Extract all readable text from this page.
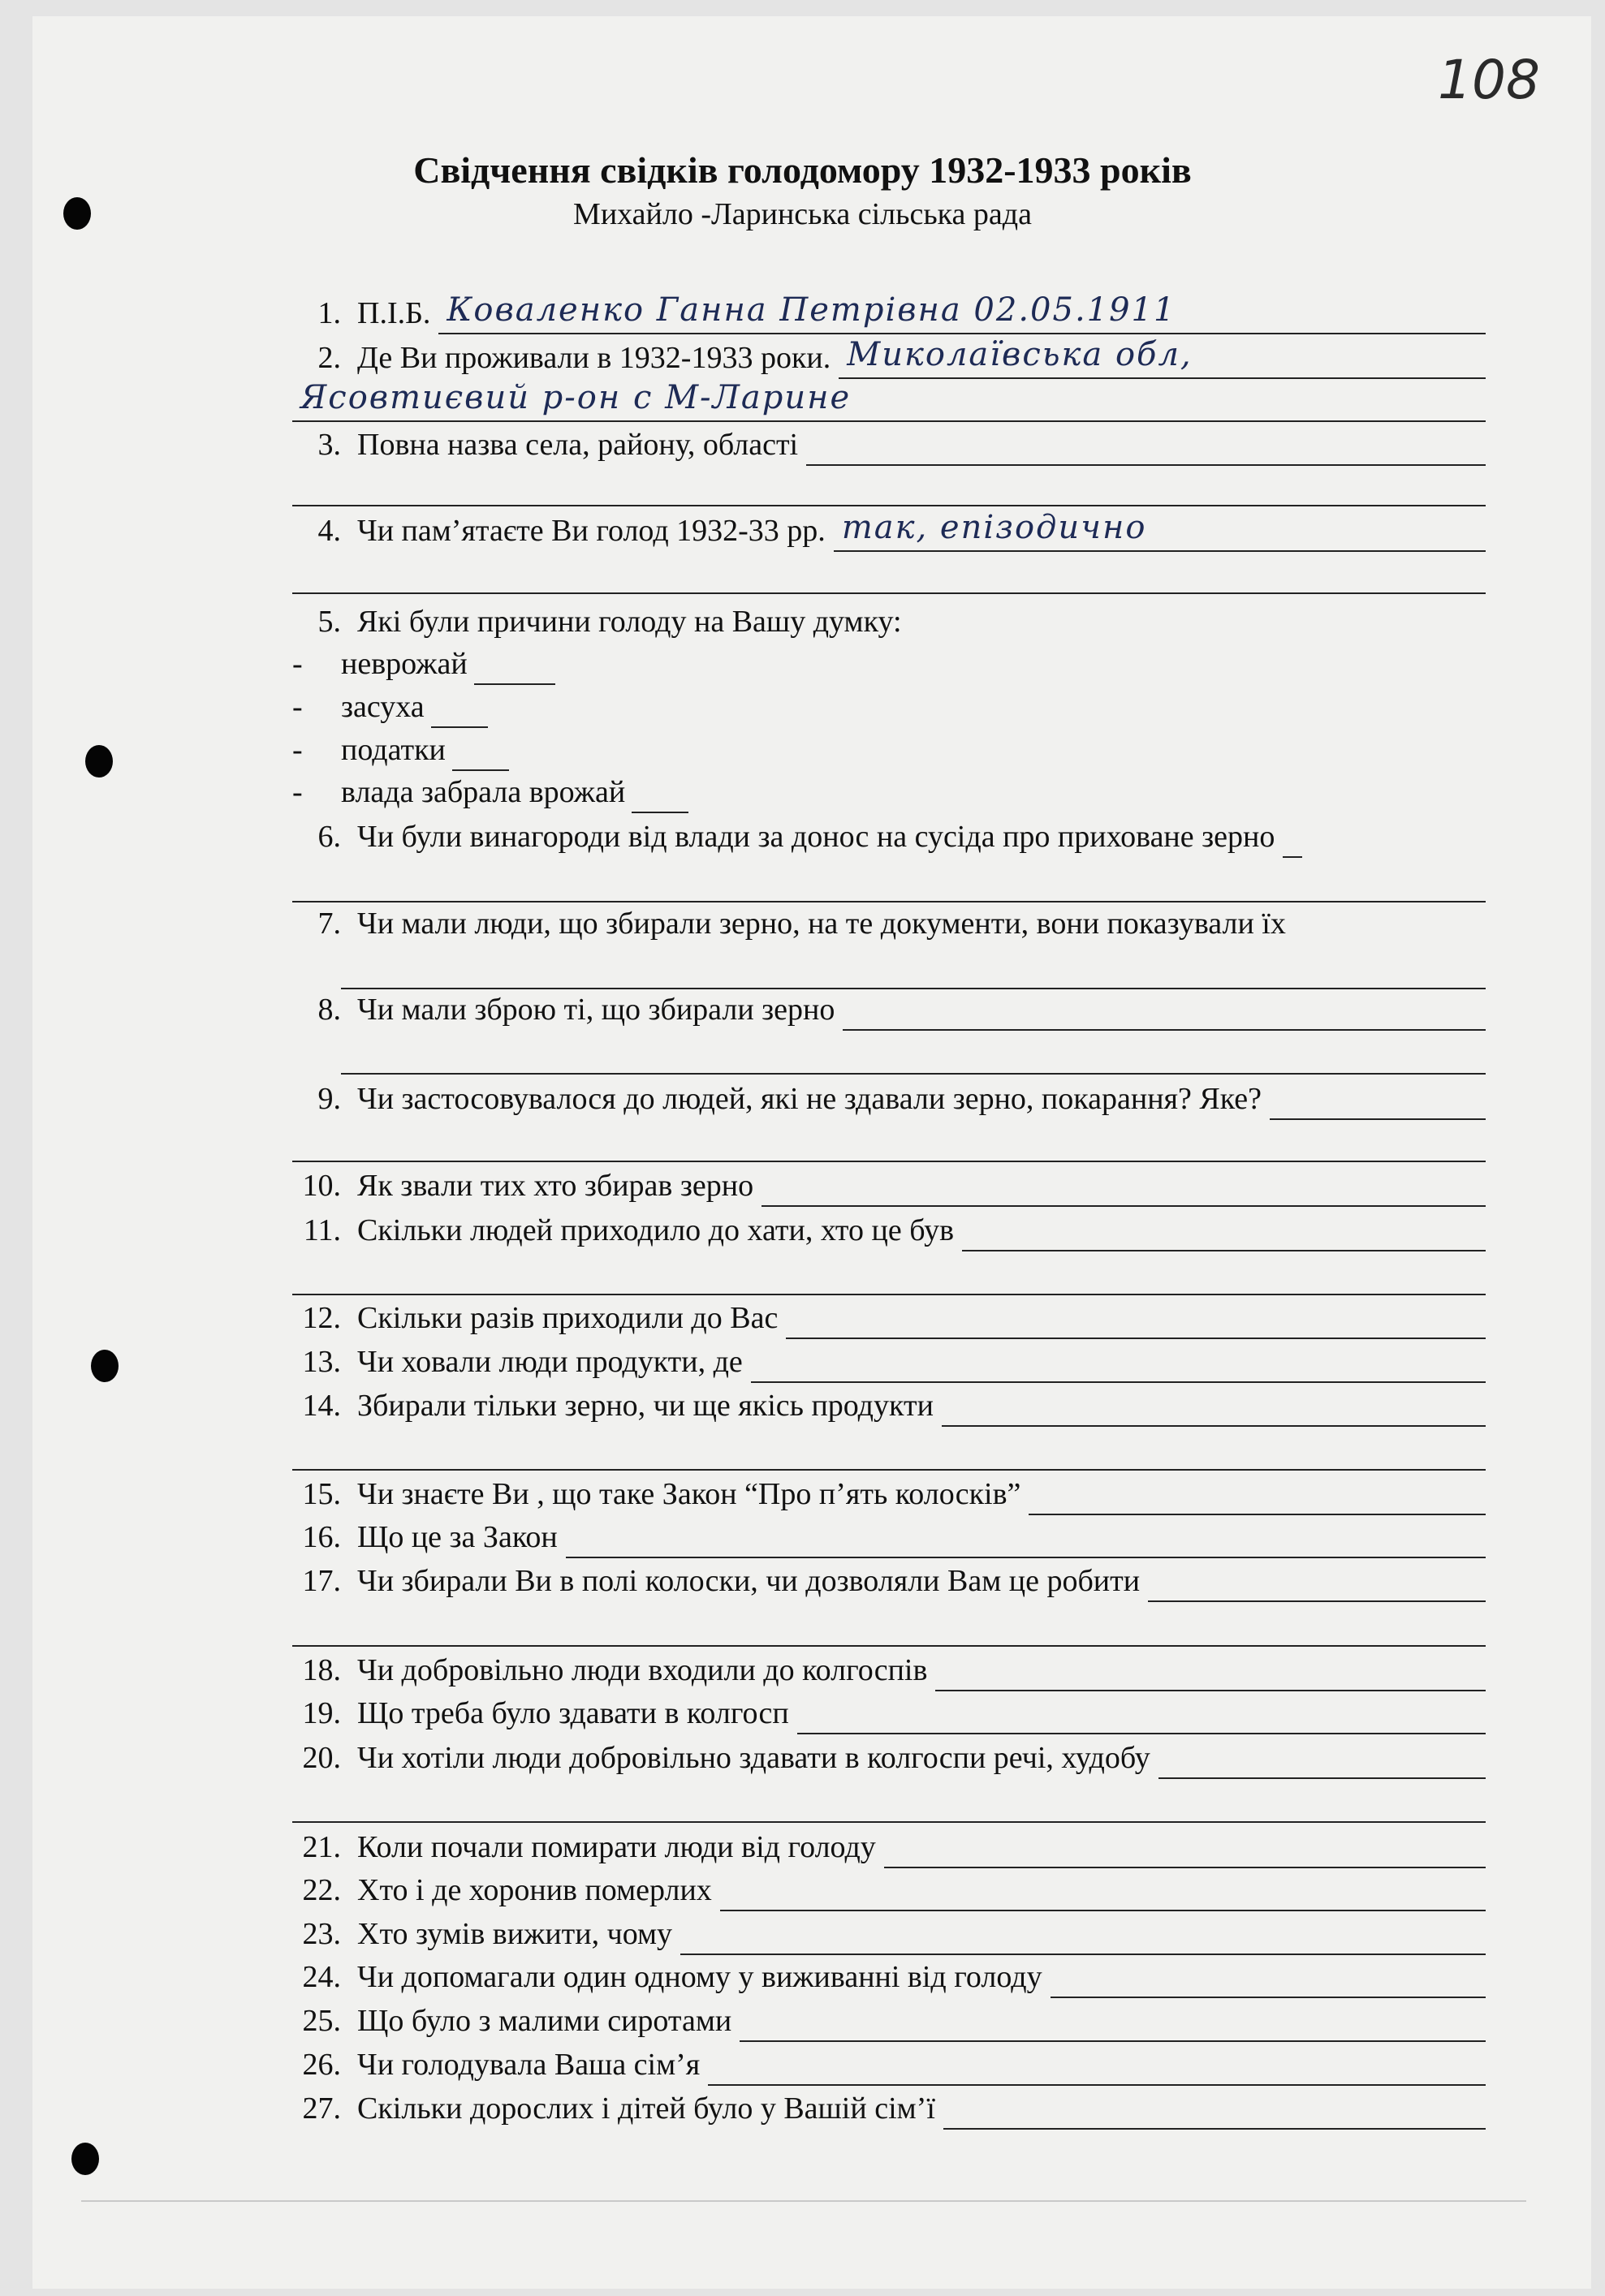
108

Свідчення свідків голодомору 1932-1933 років

Михайло -Ларинська сільська рада

1. П.І.Б. Коваленко Ганна Петрівна 02.05.1911
2. Де Ви проживали в 1932-1933 роки. Миколаївська обл,
Ясовтиєвий р-он с М-Ларине
3. Повна назва села, району, області
4. Чи пам’ятаєте Ви голод 1932-33 рр. так, епізодично
5. Які були причини голоду на Вашу думку:
-	неврожай
-	засуха
-	податки
-	влада забрала врожай
6. Чи були винагороди від влади за донос на сусіда про приховане зерно
7. Чи мали люди, що збирали зерно, на те документи, вони показували їх
8. Чи мали зброю ті, що збирали зерно
9. Чи застосовувалося до людей, які не здавали зерно, покарання? Яке?
10. Як звали тих хто збирав зерно
11. Скільки людей приходило до хати, хто це був
12. Скільки разів приходили до Вас
13. Чи ховали люди продукти, де
14. Збирали тільки зерно, чи ще якісь продукти
15. Чи знаєте Ви , що таке Закон “Про п’ять колосків”
16. Що це за Закон
17. Чи збирали Ви в полі колоски, чи дозволяли Вам це робити
18. Чи добровільно люди входили до колгоспів
19. Що треба було здавати в колгосп
20. Чи хотіли люди добровільно здавати в колгоспи речі, худобу
21. Коли почали помирати люди від голоду
22. Хто і де хоронив померлих
23. Хто зумів вижити, чому
24. Чи допомагали один одному у виживанні від голоду
25. Що було з малими сиротами
26. Чи голодувала Ваша сім’я
27. Скільки дорослих і дітей було у Вашій сім’ї
